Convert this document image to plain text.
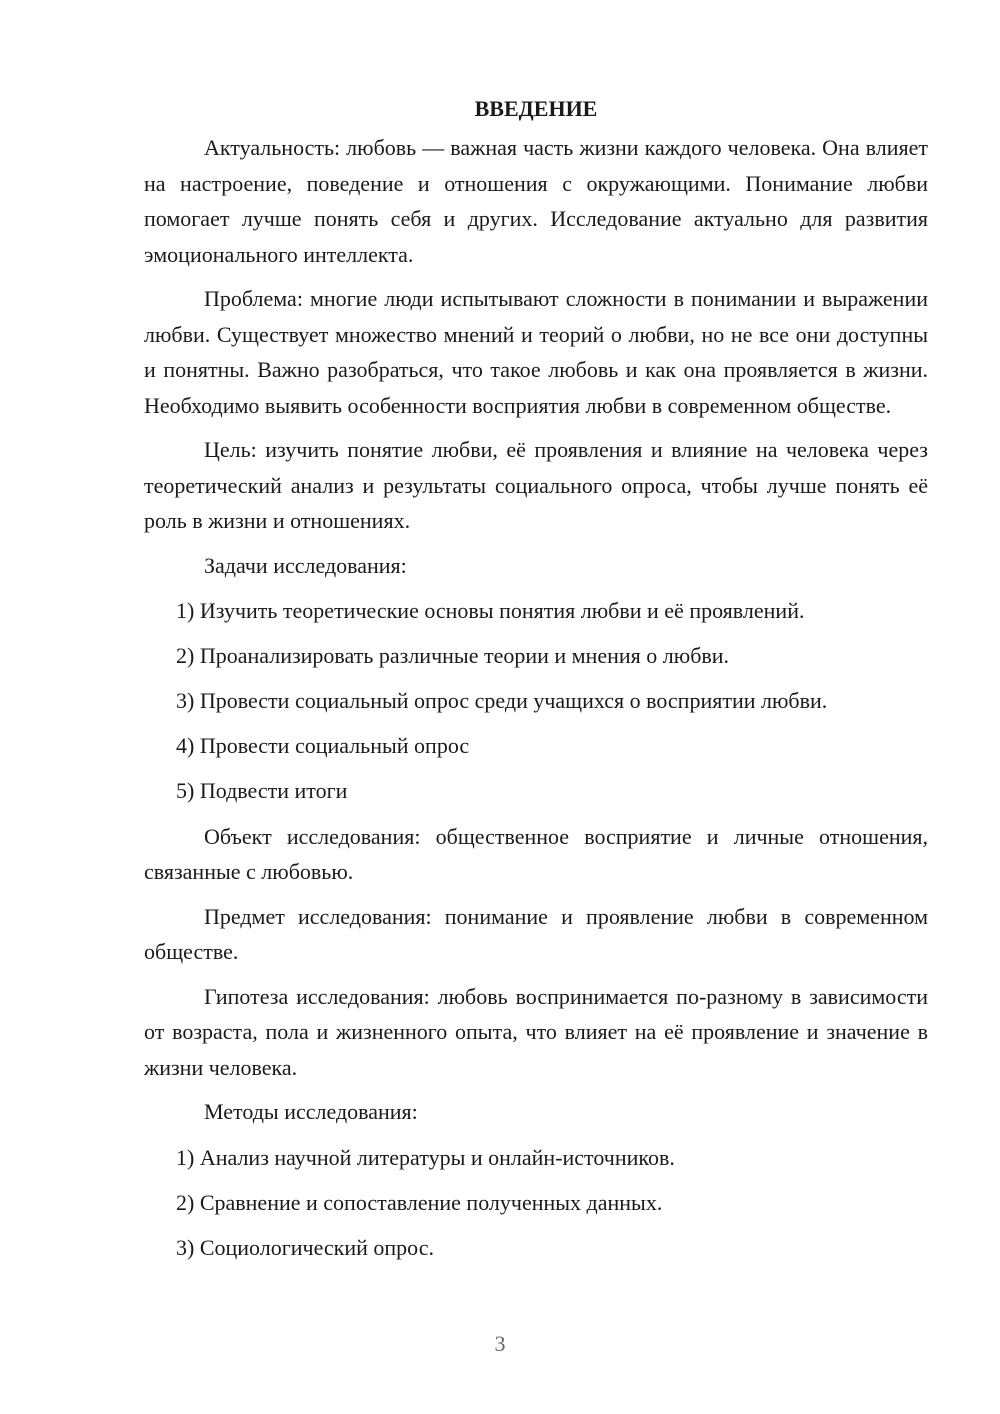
ВВЕДЕНИЕ

Актуальность: любовь — важная часть жизни каждого человека. Она влияет на настроение, поведение и отношения с окружающими. Понимание любви помогает лучше понять себя и других. Исследование актуально для развития эмоционального интеллекта.

Проблема: многие люди испытывают сложности в понимании и выражении любви. Существует множество мнений и теорий о любви, но не все они доступны и понятны. Важно разобраться, что такое любовь и как она проявляется в жизни. Необходимо выявить особенности восприятия любви в современном обществе.

Цель: изучить понятие любви, её проявления и влияние на человека через теоретический анализ и результаты социального опроса, чтобы лучше понять её роль в жизни и отношениях.

Задачи исследования:
1) Изучить теоретические основы понятия любви и её проявлений.
2) Проанализировать различные теории и мнения о любви.
3) Провести социальный опрос среди учащихся о восприятии любви.
4) Провести социальный опрос
5) Подвести итоги

Объект исследования: общественное восприятие и личные отношения, связанные с любовью.

Предмет исследования: понимание и проявление любви в современном обществе.

Гипотеза исследования: любовь воспринимается по-разному в зависимости от возраста, пола и жизненного опыта, что влияет на её проявление и значение в жизни человека.

Методы исследования:
1) Анализ научной литературы и онлайн-источников.
2) Сравнение и сопоставление полученных данных.
3) Социологический опрос.
3
